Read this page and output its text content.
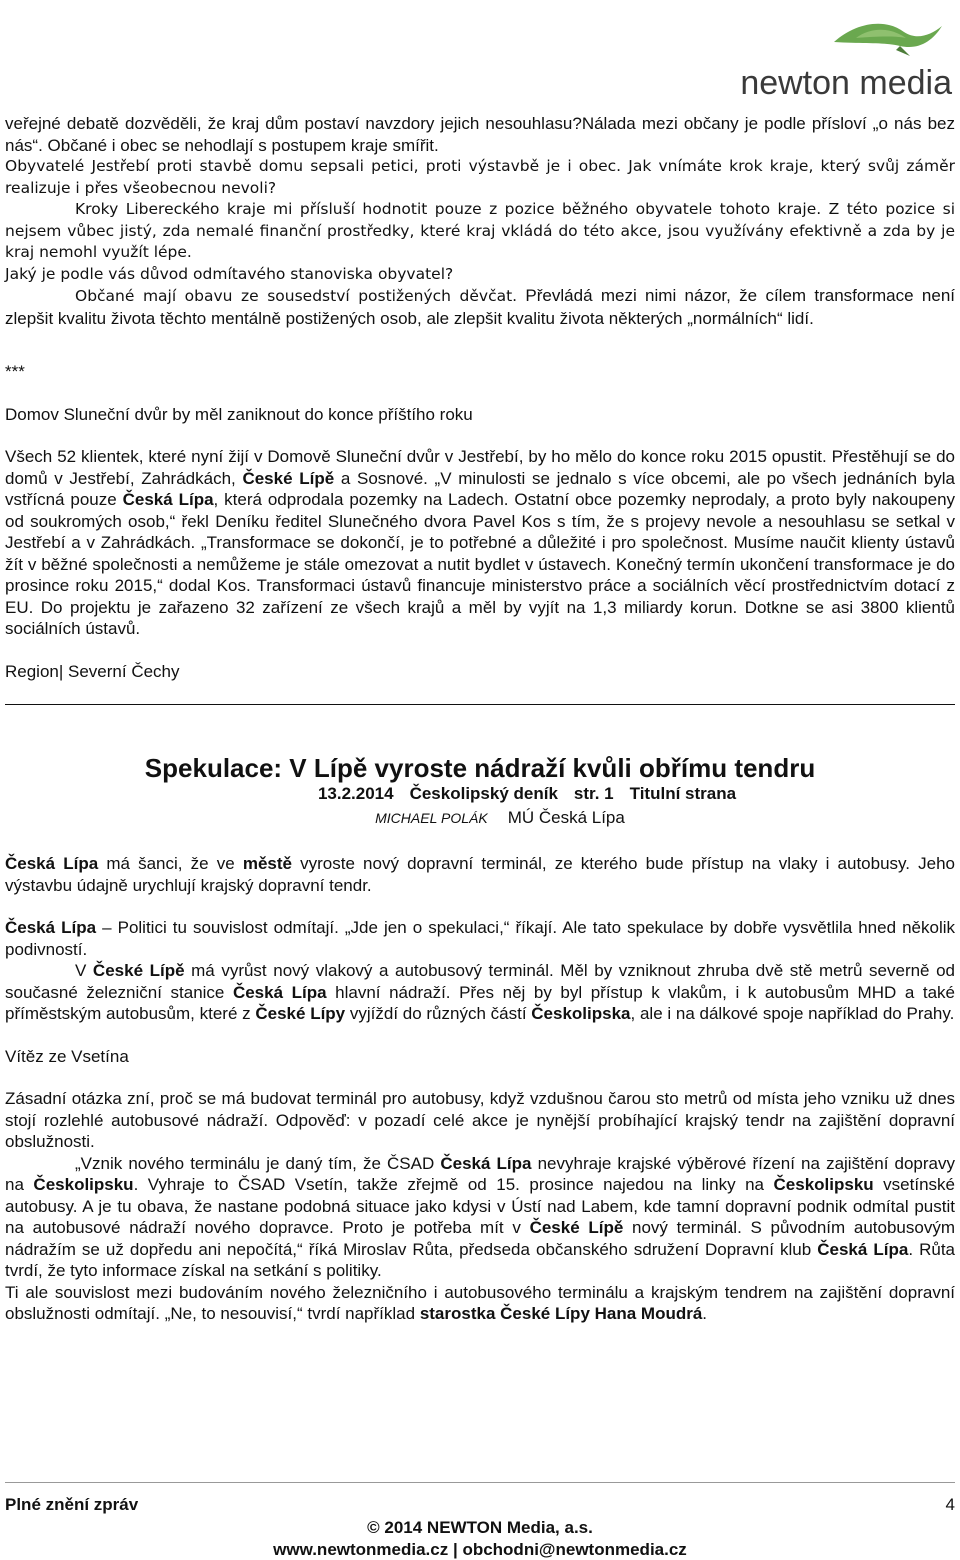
newton media

veřejné debatě dozvěděli, že kraj dům postaví navzdory jejich nesouhlasu?Nálada mezi občany je podle přísloví „o nás bez nás“. Občané i obec se nehodlají s postupem kraje smířit.

Obyvatelé Jestřebí proti stavbě domu sepsali petici, proti výstavbě je i obec. Jak vnímáte krok kraje, který svůj záměr realizuje i přes všeobecnou nevoli?

Kroky Libereckého kraje mi přísluší hodnotit pouze z pozice běžného obyvatele tohoto kraje. Z této pozice si nejsem vůbec jistý, zda nemalé finanční prostředky, které kraj vkládá do této akce, jsou využívány efektivně a zda by je kraj nemohl využít lépe.

Jaký je podle vás důvod odmítavého stanoviska obyvatel?

Občané mají obavu ze sousedství postižených děvčat. Převládá mezi nimi názor, že cílem transformace není zlepšit kvalitu života těchto mentálně postižených osob, ale zlepšit kvalitu života některých „normálních“ lidí.

***

Domov Sluneční dvůr by měl zaniknout do konce příštího roku

Všech 52 klientek, které nyní žijí v Domově Sluneční dvůr v Jestřebí, by ho mělo do konce roku 2015 opustit. Přestěhují se do domů v Jestřebí, Zahrádkách, České Lípě a Sosnové. „V minulosti se jednalo s více obcemi, ale po všech jednáních byla vstřícná pouze Česká Lípa, která odprodala pozemky na Ladech. Ostatní obce pozemky neprodaly, a proto byly nakoupeny od soukromých osob,“ řekl Deníku ředitel Slunečného dvora Pavel Kos s tím, že s projevy nevole a nesouhlasu se setkal v Jestřebí a v Zahrádkách. „Transformace se dokončí, je to potřebné a důležité i pro společnost. Musíme naučit klienty ústavů žít v běžné společnosti a nemůžeme je stále omezovat a nutit bydlet v ústavech. Konečný termín ukončení transformace je do prosince roku 2015,“ dodal Kos. Transformaci ústavů financuje ministerstvo práce a sociálních věcí prostřednictvím dotací z EU. Do projektu je zařazeno 32 zařízení ze všech krajů a měl by vyjít na 1,3 miliardy korun. Dotkne se asi 3800 klientů sociálních ústavů.

Region| Severní Čechy

Spekulace: V Lípě vyroste nádraží kvůli obřímu tendru
13.2.2014 Českolipský deník str. 1 Titulní strana
MICHAEL POLÁK MÚ Česká Lípa

Česká Lípa má šanci, že ve městě vyroste nový dopravní terminál, ze kterého bude přístup na vlaky i autobusy. Jeho výstavbu údajně urychlují krajský dopravní tendr.

Česká Lípa – Politici tu souvislost odmítají. „Jde jen o spekulaci,“ říkají. Ale tato spekulace by dobře vysvětlila hned několik podivností.

V České Lípě má vyrůst nový vlakový a autobusový terminál. Měl by vzniknout zhruba dvě stě metrů severně od současné železniční stanice Česká Lípa hlavní nádraží. Přes něj by byl přístup k vlakům, i k autobusům MHD a také příměstským autobusům, které z České Lípy vyjíždí do různých částí Českolipska, ale i na dálkové spoje například do Prahy.

Vítěz ze Vsetína

Zásadní otázka zní, proč se má budovat terminál pro autobusy, když vzdušnou čarou sto metrů od místa jeho vzniku už dnes stojí rozlehlé autobusové nádraží. Odpověď: v pozadí celé akce je nynější probíhající krajský tendr na zajištění dopravní obslužnosti.

„Vznik nového terminálu je daný tím, že ČSAD Česká Lípa nevyhraje krajské výběrové řízení na zajištění dopravy na Českolipsku. Vyhraje to ČSAD Vsetín, takže zřejmě od 15. prosince najedou na linky na Českolipsku vsetínské autobusy. A je tu obava, že nastane podobná situace jako kdysi v Ústí nad Labem, kde tamní dopravní podnik odmítal pustit na autobusové nádraží nového dopravce. Proto je potřeba mít v České Lípě nový terminál. S původním autobusovým nádražím se už dopředu ani nepočítá,“ říká Miroslav Růta, předseda občanského sdružení Dopravní klub Česká Lípa. Růta tvrdí, že tyto informace získal na setkání s politiky.

Ti ale souvislost mezi budováním nového železničního i autobusového terminálu a krajským tendrem na zajištění dopravní obslužnosti odmítají. „Ne, to nesouvisí,“ tvrdí například starostka České Lípy Hana Moudrá.

Plné znění zpráv	4
© 2014 NEWTON Media, a.s.
www.newtonmedia.cz | obchodni@newtonmedia.cz
